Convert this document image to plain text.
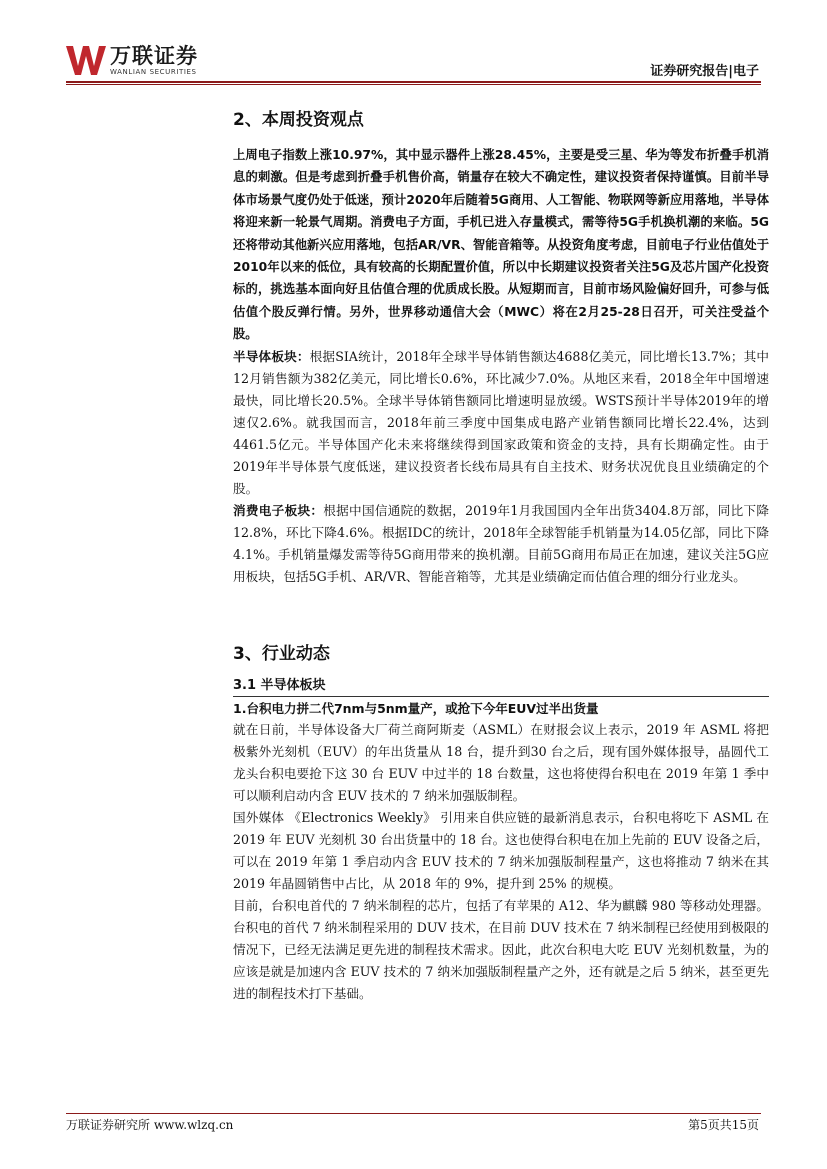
万联证券
WANLIAN SECURITIES	证券研究报告|电子
2、本周投资观点

上周电子指数上涨10.97%，其中显示器件上涨28.45%，主要是受三星、华为等发布折叠手机消息的刺激。但是考虑到折叠手机售价高，销量存在较大不确定性，建议投资者保持谨慎。目前半导体市场景气度仍处于低迷，预计2020年后随着5G商用、人工智能、物联网等新应用落地，半导体将迎来新一轮景气周期。消费电子方面，手机已进入存量模式，需等待5G手机换机潮的来临。5G还将带动其他新兴应用落地，包括AR/VR、智能音箱等。从投资角度考虑，目前电子行业估值处于2010年以来的低位，具有较高的长期配置价值，所以中长期建议投资者关注5G及芯片国产化投资标的，挑选基本面向好且估值合理的优质成长股。从短期而言，目前市场风险偏好回升，可参与低估值个股反弹行情。另外，世界移动通信大会（MWC）将在2月25-28日召开，可关注受益个股。

半导体板块：根据SIA统计，2018年全球半导体销售额达4688亿美元，同比增长13.7%；其中12月销售额为382亿美元，同比增长0.6%，环比减少7.0%。从地区来看，2018全年中国增速最快，同比增长20.5%。全球半导体销售额同比增速明显放缓。WSTS预计半导体2019年的增速仅2.6%。就我国而言，2018年前三季度中国集成电路产业销售额同比增长22.4%，达到4461.5亿元。半导体国产化未来将继续得到国家政策和资金的支持，具有长期确定性。由于2019年半导体景气度低迷，建议投资者长线布局具有自主技术、财务状况优良且业绩确定的个股。

消费电子板块：根据中国信通院的数据，2019年1月我国国内全年出货3404.8万部，同比下降12.8%，环比下降4.6%。根据IDC的统计，2018年全球智能手机销量为14.05亿部，同比下降4.1%。手机销量爆发需等待5G商用带来的换机潮。目前5G商用布局正在加速，建议关注5G应用板块，包括5G手机、AR/VR、智能音箱等，尤其是业绩确定而估值合理的细分行业龙头。

3、行业动态
3.1 半导体板块
1.台积电力拼二代7nm与5nm量产，或抢下今年EUV过半出货量

就在日前，半导体设备大厂荷兰商阿斯麦（ASML）在财报会议上表示，2019 年 ASML 将把极紫外光刻机（EUV）的年出货量从 18 台，提升到30 台之后，现有国外媒体报导，晶圆代工龙头台积电要抢下这 30 台 EUV 中过半的 18 台数量，这也将使得台积电在 2019 年第 1 季中可以顺利启动内含 EUV 技术的 7 纳米加强版制程。

国外媒体 《Electronics Weekly》 引用来自供应链的最新消息表示，台积电将吃下 ASML 在 2019 年 EUV 光刻机 30 台出货量中的 18 台。这也使得台积电在加上先前的 EUV 设备之后，可以在 2019 年第 1 季启动内含 EUV 技术的 7 纳米加强版制程量产，这也将推动 7 纳米在其 2019 年晶圆销售中占比，从 2018 年的 9%，提升到 25% 的规模。

目前，台积电首代的 7 纳米制程的芯片，包括了有苹果的 A12、华为麒麟 980 等移动处理器。台积电的首代 7 纳米制程采用的 DUV 技术，在目前 DUV 技术在 7 纳米制程已经使用到极限的情况下，已经无法满足更先进的制程技术需求。因此，此次台积电大吃 EUV 光刻机数量，为的应该是就是加速内含 EUV 技术的 7 纳米加强版制程量产之外，还有就是之后 5 纳米，甚至更先进的制程技术打下基础。

万联证券研究所 www.wlzq.cn	第5页共15页
